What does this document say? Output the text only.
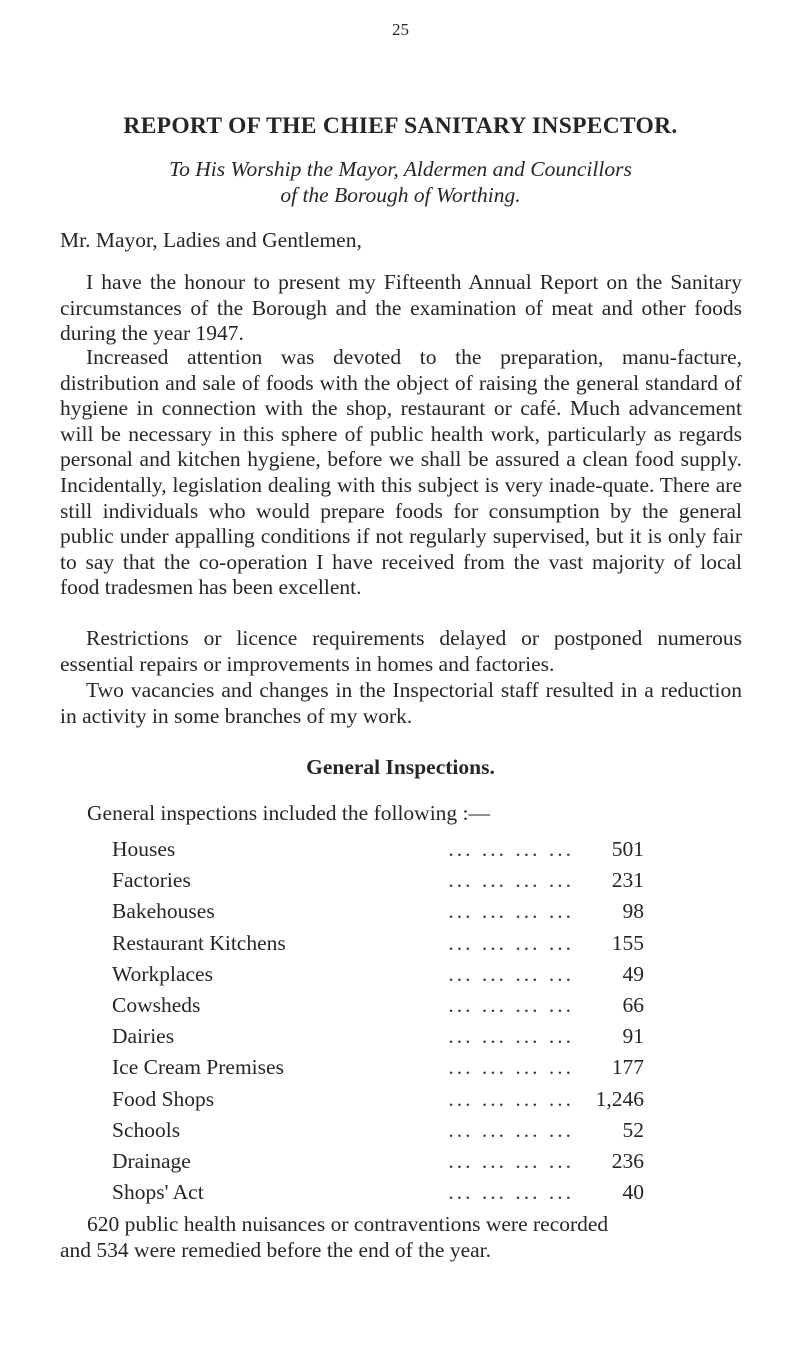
25
REPORT OF THE CHIEF SANITARY INSPECTOR.
To His Worship the Mayor, Aldermen and Councillors
of the Borough of Worthing.
Mr. Mayor, Ladies and Gentlemen,

I have the honour to present my Fifteenth Annual Report on the Sanitary circumstances of the Borough and the examination of meat and other foods during the year 1947.

Increased attention was devoted to the preparation, manu-facture, distribution and sale of foods with the object of raising the general standard of hygiene in connection with the shop, restaurant or café. Much advancement will be necessary in this sphere of public health work, particularly as regards personal and kitchen hygiene, before we shall be assured a clean food supply. Incidentally, legislation dealing with this subject is very inade-quate. There are still individuals who would prepare foods for consumption by the general public under appalling conditions if not regularly supervised, but it is only fair to say that the co-operation I have received from the vast majority of local food tradesmen has been excellent.

Restrictions or licence requirements delayed or postponed numerous essential repairs or improvements in homes and factories.

Two vacancies and changes in the Inspectorial staff resulted in a reduction in activity in some branches of my work.

General Inspections.
General inspections included the following :—
... ... ... ...
Houses	501
... ... ... ...
Factories	231
... ... ... ...
Bakehouses	98
... ... ... ...
Restaurant Kitchens	155
... ... ... ...
Workplaces	49
... ... ... ...
Cowsheds	66
... ... ... ...
Dairies	91
... ... ... ...
Ice Cream Premises	177
... ... ... ...
Food Shops	1,246
... ... ... ...
Schools	52
... ... ... ...
Drainage	236
... ... ... ...
Shops' Act	40

620 public health nuisances or contraventions were recorded
and 534 were remedied before the end of the year.
